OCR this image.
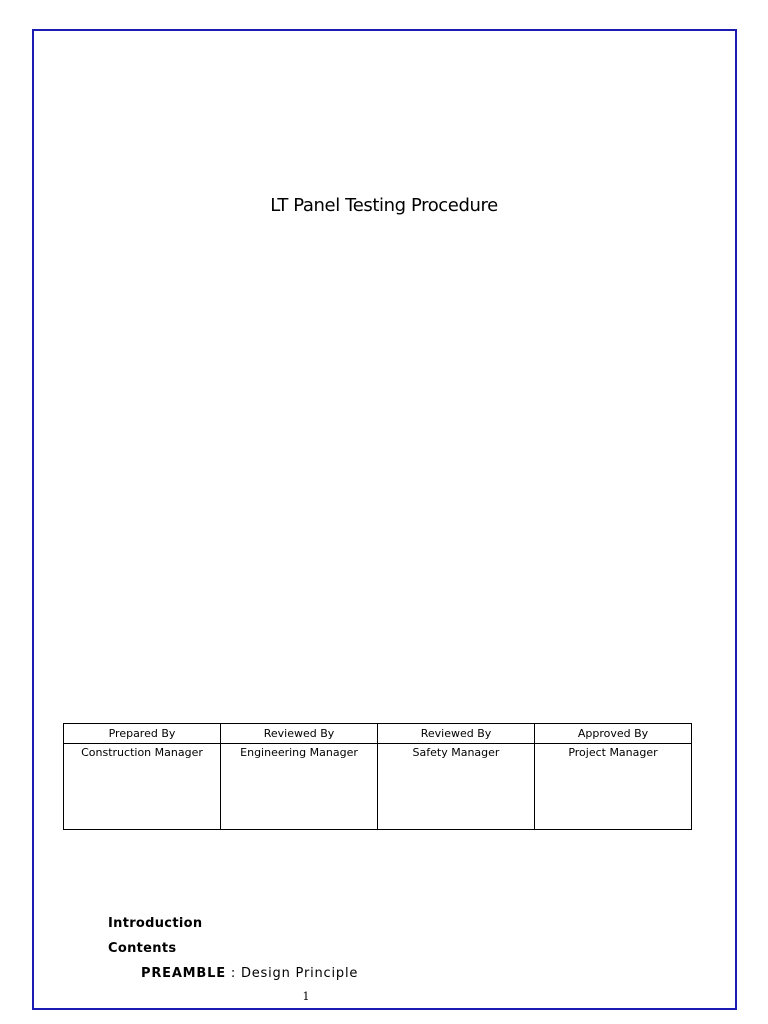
LT Panel Testing Procedure
Prepared By	Reviewed By	Reviewed By	Approved By
Construction Manager	Engineering Manager	Safety Manager	Project Manager
Introduction
Contents
PREAMBLE : Design Principle
1
